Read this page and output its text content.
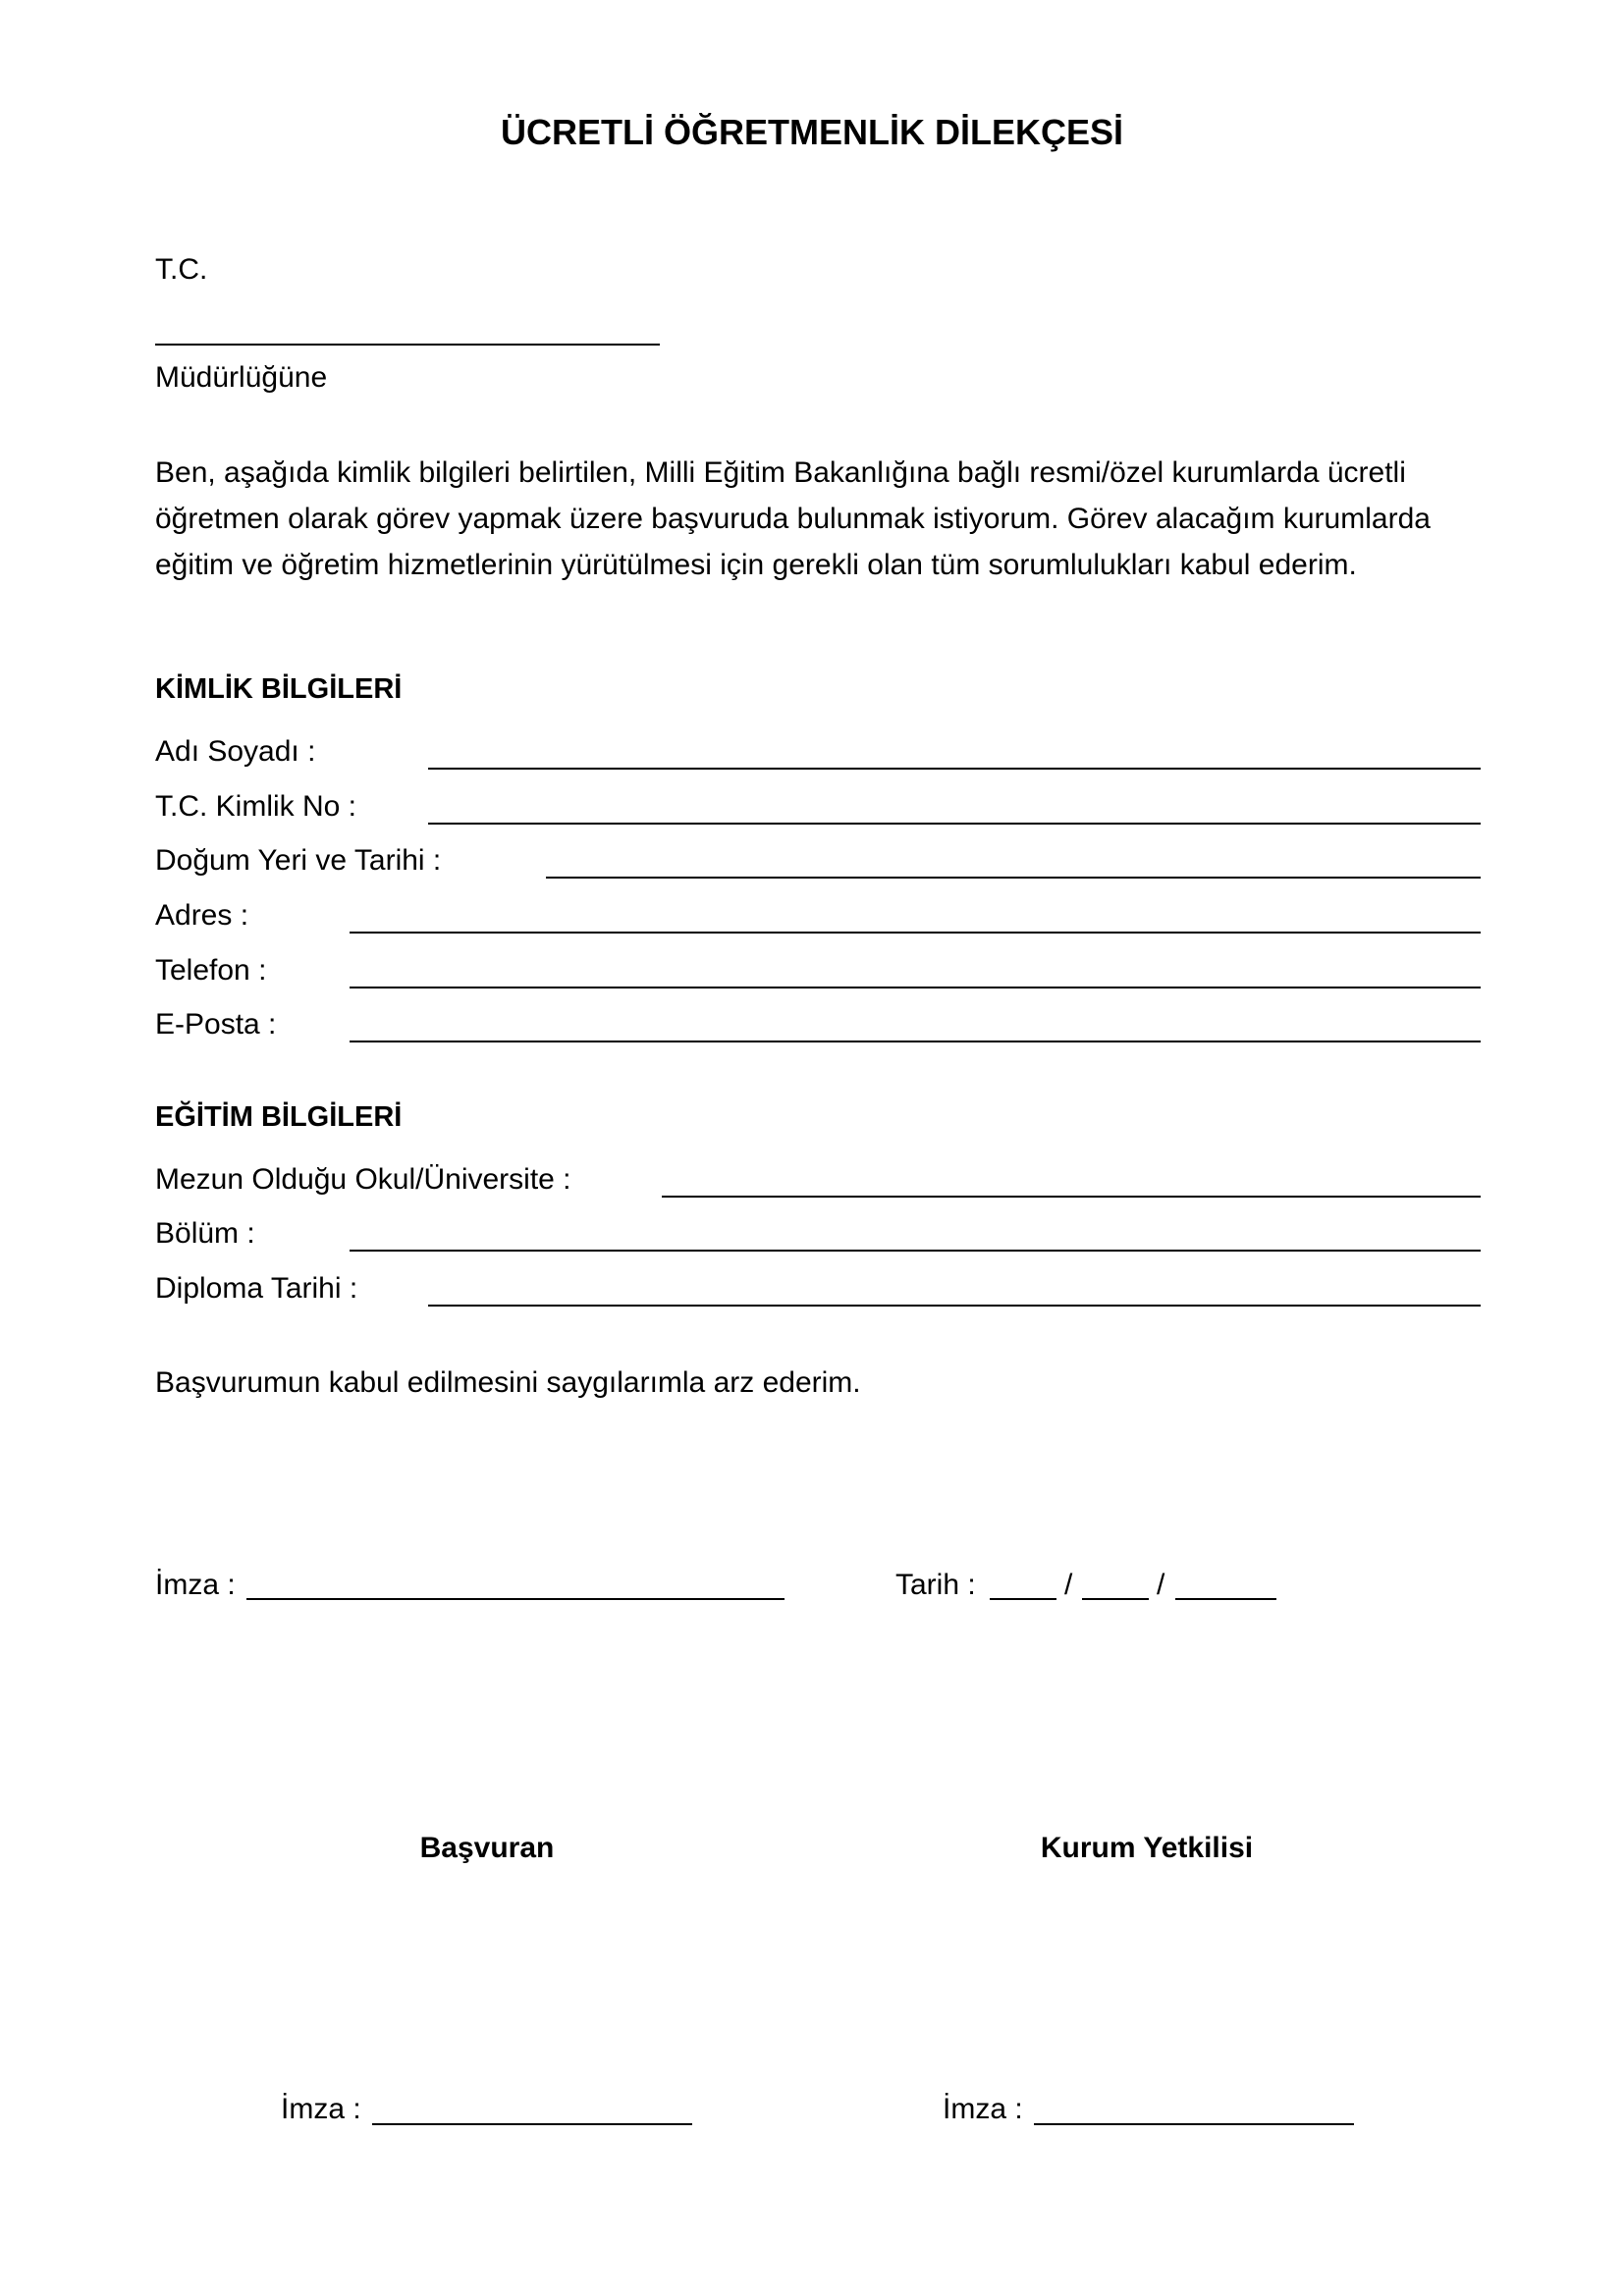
ÜCRETLİ ÖĞRETMENLİK DİLEKÇESİ
T.C.
Müdürlüğüne
Ben, aşağıda kimlik bilgileri belirtilen, Milli Eğitim Bakanlığına bağlı resmi/özel kurumlarda ücretli
öğretmen olarak görev yapmak üzere başvuruda bulunmak istiyorum. Görev alacağım kurumlarda
eğitim ve öğretim hizmetlerinin yürütülmesi için gerekli olan tüm sorumlulukları kabul ederim.
KİMLİK BİLGİLERİ
Adı Soyadı :
T.C. Kimlik No :
Doğum Yeri ve Tarihi :
Adres :
Telefon :
E-Posta :
EĞİTİM BİLGİLERİ
Mezun Olduğu Okul/Üniversite :
Bölüm :
Diploma Tarihi :
Başvurumun kabul edilmesini saygılarımla arz ederim.
İmza :	Tarih :	/	/
Başvuran	Kurum Yetkilisi
İmza :	İmza :
